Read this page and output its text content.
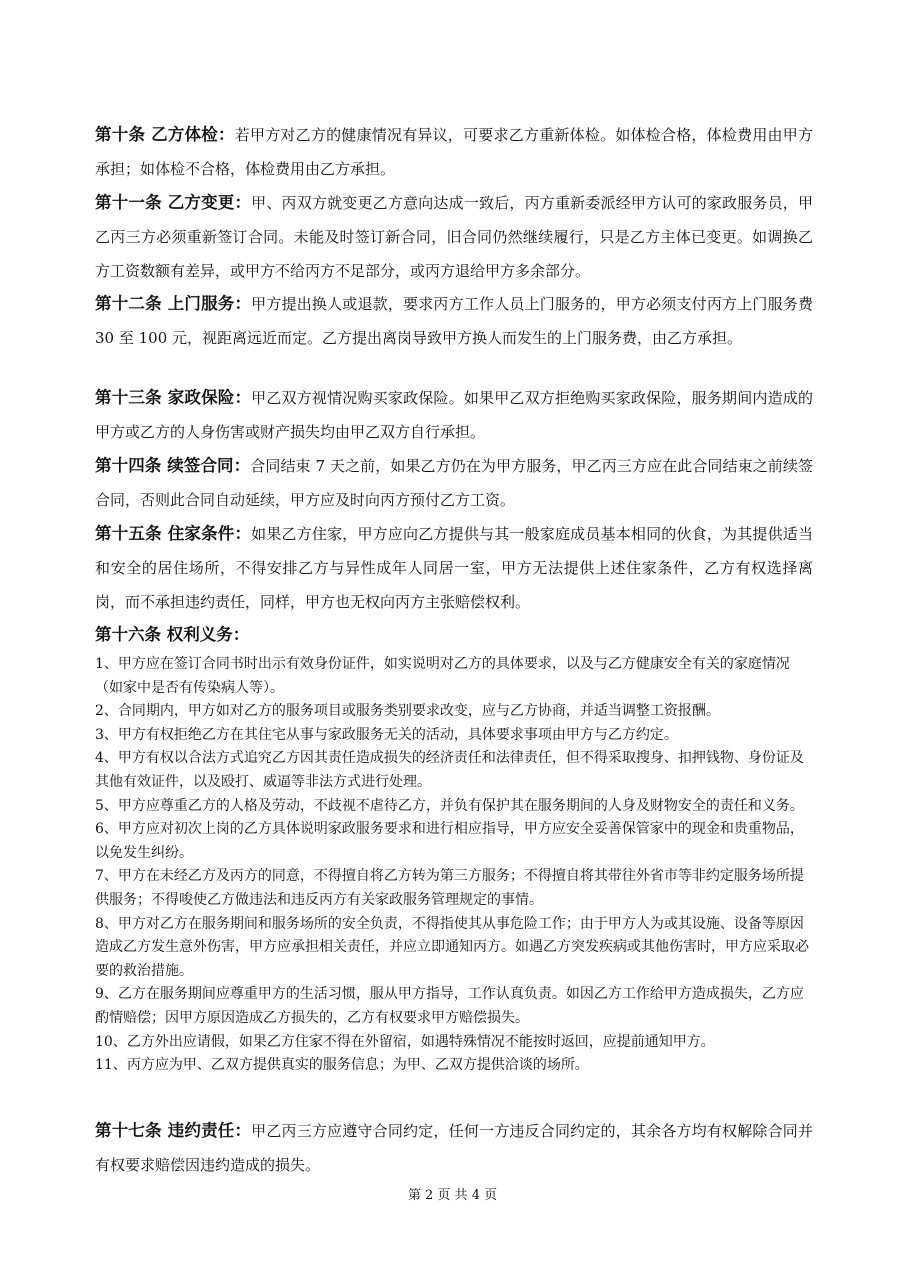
第十条 乙方体检：若甲方对乙方的健康情况有异议，可要求乙方重新体检。如体检合格，体检费用由甲方承担；如体检不合格，体检费用由乙方承担。

第十一条 乙方变更：甲、丙双方就变更乙方意向达成一致后，丙方重新委派经甲方认可的家政服务员，甲乙丙三方必须重新签订合同。未能及时签订新合同，旧合同仍然继续履行，只是乙方主体已变更。如调换乙方工资数额有差异，或甲方不给丙方不足部分，或丙方退给甲方多余部分。

第十二条 上门服务：甲方提出换人或退款，要求丙方工作人员上门服务的，甲方必须支付丙方上门服务费 30 至 100 元，视距离远近而定。乙方提出离岗导致甲方换人而发生的上门服务费，由乙方承担。

第十三条 家政保险：甲乙双方视情况购买家政保险。如果甲乙双方拒绝购买家政保险，服务期间内造成的甲方或乙方的人身伤害或财产损失均由甲乙双方自行承担。

第十四条 续签合同：合同结束 7 天之前，如果乙方仍在为甲方服务，甲乙丙三方应在此合同结束之前续签合同，否则此合同自动延续，甲方应及时向丙方预付乙方工资。

第十五条 住家条件：如果乙方住家，甲方应向乙方提供与其一般家庭成员基本相同的伙食，为其提供适当和安全的居住场所，不得安排乙方与异性成年人同居一室，甲方无法提供上述住家条件，乙方有权选择离岗，而不承担违约责任，同样，甲方也无权向丙方主张赔偿权利。

第十六条 权利义务：

1、甲方应在签订合同书时出示有效身份证件，如实说明对乙方的具体要求，以及与乙方健康安全有关的家庭情况（如家中是否有传染病人等）。
2、合同期内，甲方如对乙方的服务项目或服务类别要求改变，应与乙方协商，并适当调整工资报酬。
3、甲方有权拒绝乙方在其住宅从事与家政服务无关的活动，具体要求事项由甲方与乙方约定。
4、甲方有权以合法方式追究乙方因其责任造成损失的经济责任和法律责任，但不得采取搜身、扣押钱物、身份证及其他有效证件，以及殴打、威逼等非法方式进行处理。
5、甲方应尊重乙方的人格及劳动，不歧视不虐待乙方，并负有保护其在服务期间的人身及财物安全的责任和义务。
6、甲方应对初次上岗的乙方具体说明家政服务要求和进行相应指导，甲方应安全妥善保管家中的现金和贵重物品，以免发生纠纷。
7、甲方在未经乙方及丙方的同意，不得擅自将乙方转为第三方服务；不得擅自将其带往外省市等非约定服务场所提供服务；不得唆使乙方做违法和违反丙方有关家政服务管理规定的事情。
8、甲方对乙方在服务期间和服务场所的安全负责，不得指使其从事危险工作；由于甲方人为或其设施、设备等原因造成乙方发生意外伤害，甲方应承担相关责任，并应立即通知丙方。如遇乙方突发疾病或其他伤害时，甲方应采取必要的救治措施。
9、乙方在服务期间应尊重甲方的生活习惯，服从甲方指导，工作认真负责。如因乙方工作给甲方造成损失，乙方应酌情赔偿；因甲方原因造成乙方损失的，乙方有权要求甲方赔偿损失。
10、乙方外出应请假，如果乙方住家不得在外留宿，如遇特殊情况不能按时返回，应提前通知甲方。
11、丙方应为甲、乙双方提供真实的服务信息；为甲、乙双方提供洽谈的场所。

第十七条 违约责任：甲乙丙三方应遵守合同约定，任何一方违反合同约定的，其余各方均有权解除合同并有权要求赔偿因违约造成的损失。

第 2 页 共 4 页
